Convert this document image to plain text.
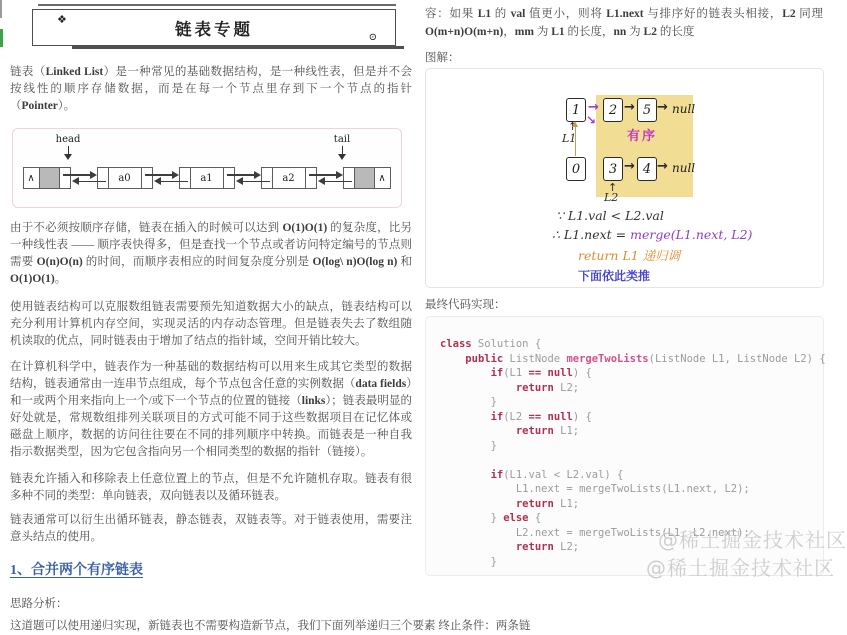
❖	链表专题	⊙
链表（Linked List）是一种常见的基础数据结构，是一种线性表，但是并不会按线性的顺序存储数据，而是在每一个节点里存到下一个节点的指针（Pointer）。
head	tail
∧	a0	a1	a2	∧
由于不必须按顺序存储，链表在插入的时候可以达到 O(1)O(1) 的复杂度，比另一种线性表 —— 顺序表快得多，但是查找一个节点或者访问特定编号的节点则需要 O(n)O(n) 的时间，而顺序表相应的时间复杂度分别是 O(log\ n)O(log n) 和 O(1)O(1)。
使用链表结构可以克服数组链表需要预先知道数据大小的缺点，链表结构可以充分利用计算机内存空间，实现灵活的内存动态管理。但是链表失去了数组随机读取的优点，同时链表由于增加了结点的指针域，空间开销比较大。
在计算机科学中，链表作为一种基础的数据结构可以用来生成其它类型的数据结构，链表通常由一连串节点组成，每个节点包含任意的实例数据（data fields）和一或两个用来指向上一个/或下一个节点的位置的链接（links）；链表最明显的好处就是，常规数组排列关联项目的方式可能不同于这些数据项目在记忆体或磁盘上顺序，数据的访问往往要在不同的排列顺序中转换。而链表是一种自我指示数据类型，因为它包含指向另一个相同类型的数据的指针（链接）。
链表允许插入和移除表上任意位置上的节点，但是不允许随机存取。链表有很多种不同的类型：单向链表，双向链表以及循环链表。
链表通常可以衍生出循环链表，静态链表，双链表等。对于链表使用，需要注意头结点的使用。
1、合并两个有序链表
思路分析：
这道题可以使用递归实现，新链表也不需要构造新节点，我们下面列举递归三个要素 终止条件：两条链
容：如果 L1 的 val 值更小，则将 L1.next 与排序好的链表头相接，L2 同理 O(m+n)O(m+n)，mm 为 L1 的长度，nn 为 L2 的长度
图解：
1 → 2 → 5 → null
↘
↑
L1	有序
0	3 → 4 → null
↑
L2
∵ L1.val < L2.val
∴ L1.next = merge(L1.next, L2)
return L1 递归调
下面依此类推
最终代码实现：
class Solution {
public ListNode mergeTwoLists(ListNode L1, ListNode L2) {
if(L1 == null) {
return L2;
}
if(L2 == null) {
return L1;
}

if(L1.val < L2.val) {
L1.next = mergeTwoLists(L1.next, L2);
return L1;
} else {
L2.next = mergeTwoLists(L1, L2.next);
return L2;
}
@稀土掘金技术社区
@稀土掘金技术社区
